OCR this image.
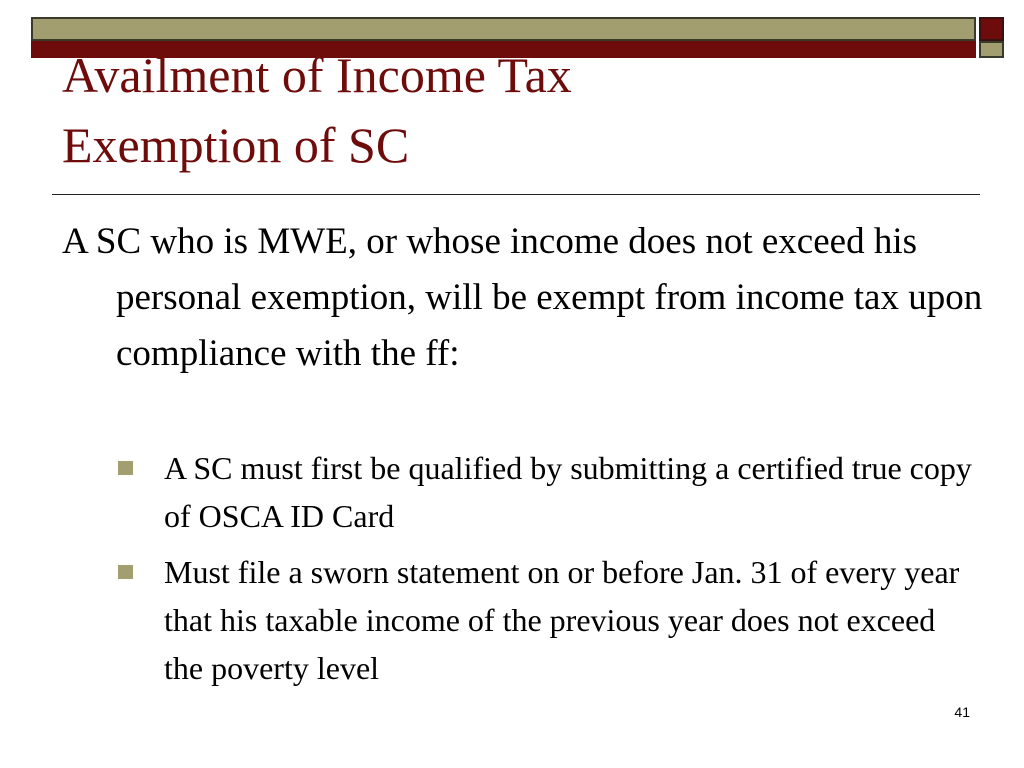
Availment of Income Tax
Exemption of SC

A SC who is MWE, or whose income does not exceed his personal exemption, will be exempt from income tax upon compliance with the ff:

A SC must first be qualified by submitting a certified true copy of OSCA ID Card
Must file a sworn statement on or before Jan. 31 of every year that his taxable income of the previous year does not exceed the poverty level
41
